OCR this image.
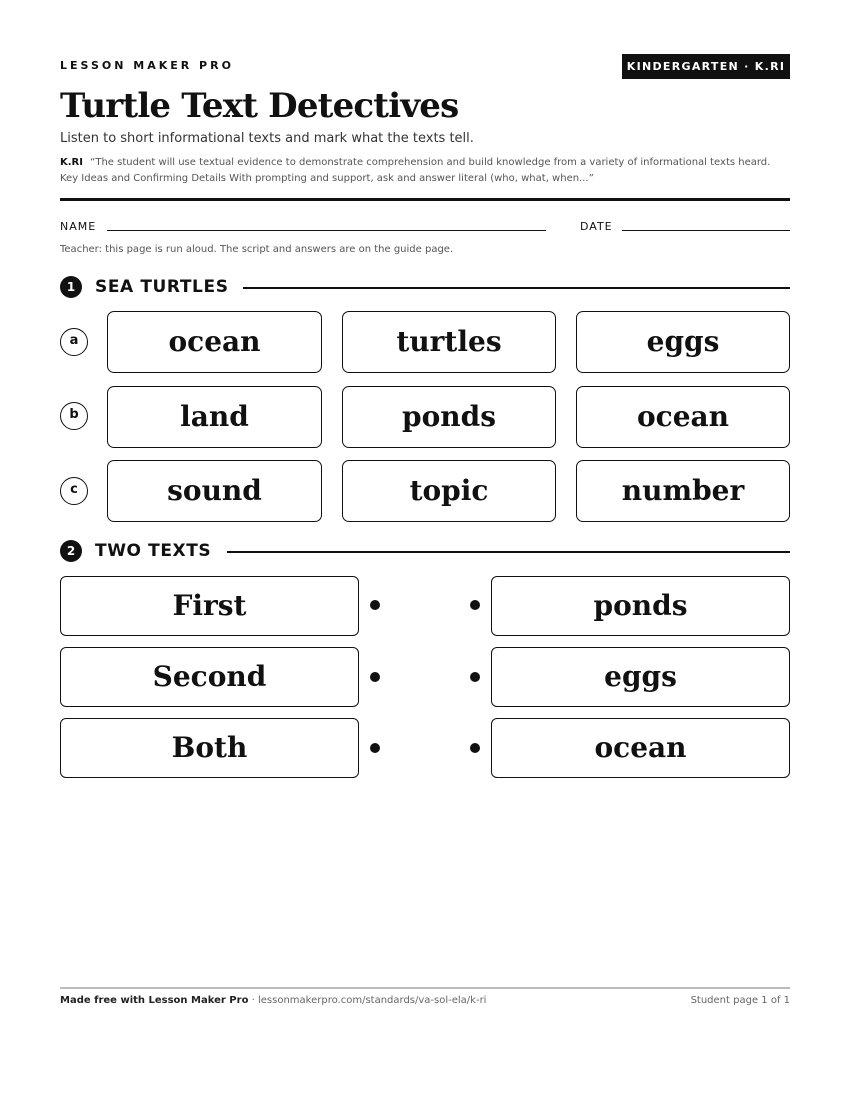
LESSON MAKER PRO	KINDERGARTEN · K.RI
Turtle Text Detectives
Listen to short informational texts and mark what the texts tell.
K.RI “The student will use textual evidence to demonstrate comprehension and build knowledge from a variety of informational texts heard. Key Ideas and Confirming Details With prompting and support, ask and answer literal (who, what, when...”
NAME	DATE
Teacher: this page is run aloud. The script and answers are on the guide page.
1	SEA TURTLES
a	ocean	turtles	eggs
b	land	ponds	ocean
c	sound	topic	number
2	TWO TEXTS
First	ponds
Second	eggs
Both	ocean
Made free with Lesson Maker Pro · lessonmakerpro.com/standards/va-sol-ela/k-ri	Student page 1 of 1
